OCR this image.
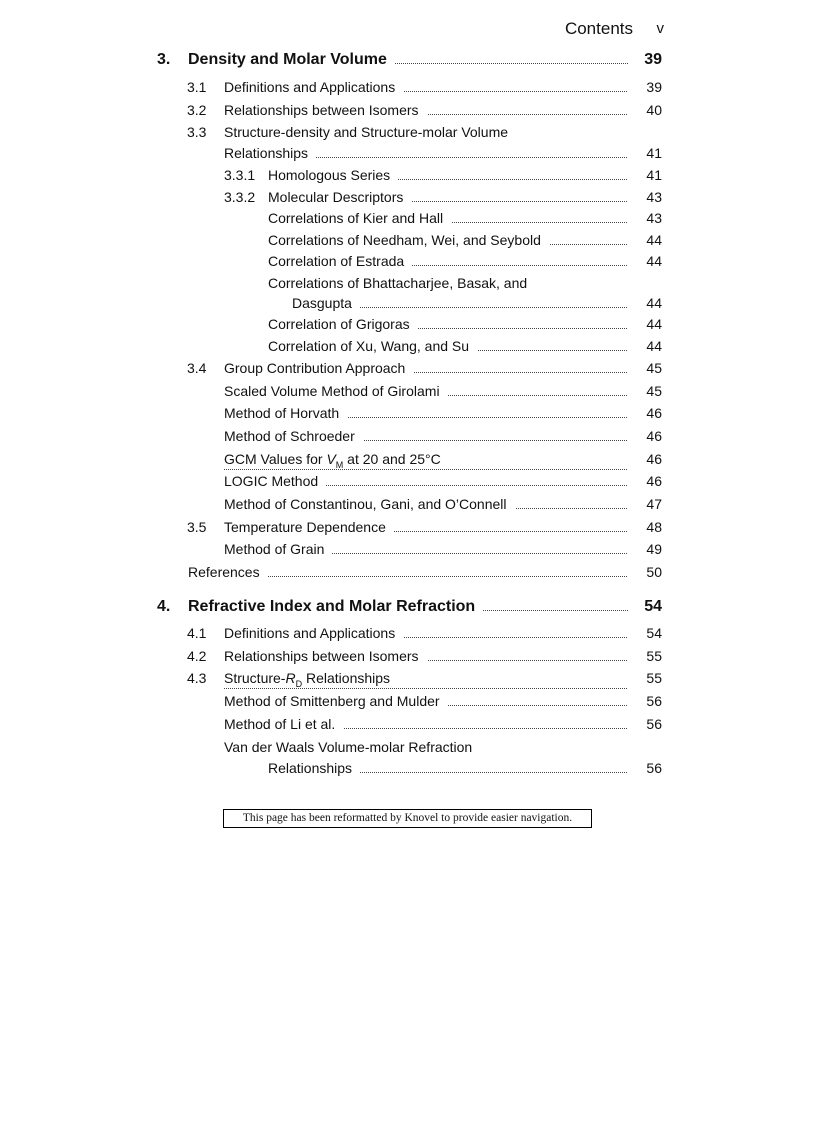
Contents v
3. Density and Molar Volume	39
3.1 Definitions and Applications	39
3.2 Relationships between Isomers	40
3.3 Structure-density and Structure-molar Volume
Relationships	41
3.3.1 Homologous Series	41
3.3.2 Molecular Descriptors	43
Correlations of Kier and Hall	43
Correlations of Needham, Wei, and Seybold	44
Correlation of Estrada	44
Correlations of Bhattacharjee, Basak, and
Dasgupta	44
Correlation of Grigoras	44
Correlation of Xu, Wang, and Su	44
3.4 Group Contribution Approach	45
Scaled Volume Method of Girolami	45
Method of Horvath	46
Method of Schroeder	46
GCM Values for $V_M$ at 20 and 25°C	46
LOGIC Method	46
Method of Constantinou, Gani, and O’Connell	47
3.5 Temperature Dependence	48
Method of Grain	49
References	50
4. Refractive Index and Molar Refraction	54
4.1 Definitions and Applications	54
4.2 Relationships between Isomers	55
4.3 Structure-$R_D$ Relationships	55
Method of Smittenberg and Mulder	56
Method of Li et al.	56
Van der Waals Volume-molar Refraction
Relationships	56
This page has been reformatted by Knovel to provide easier navigation.
